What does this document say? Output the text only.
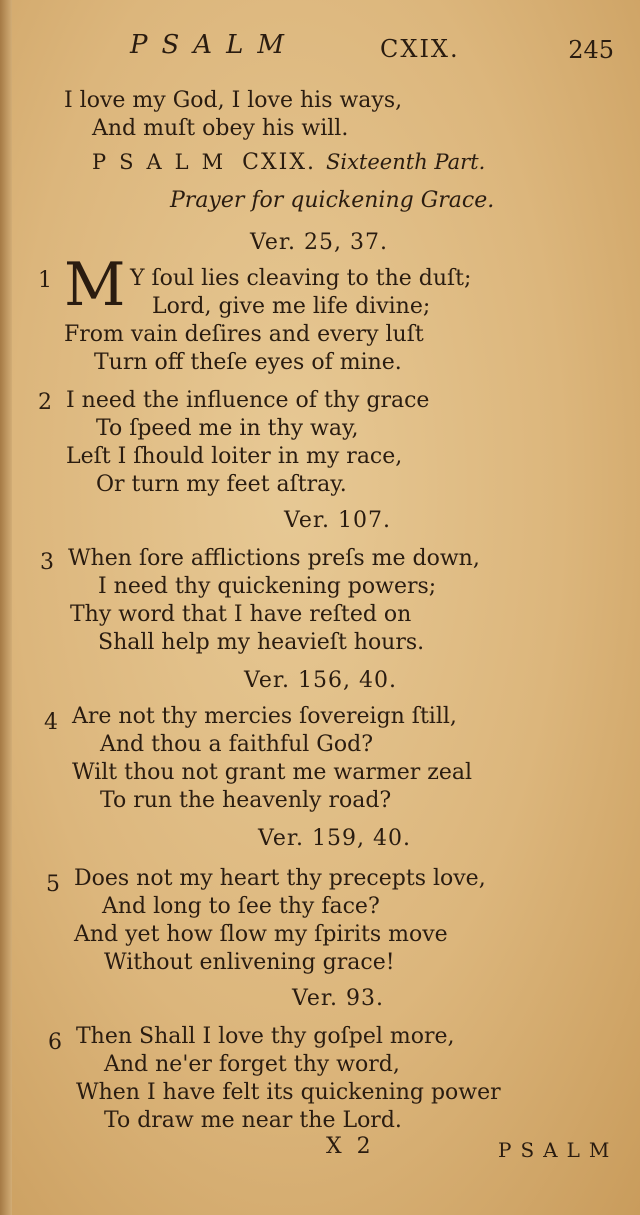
PSALM	CXIX.	245
I love my God, I love his ways,
And muſt obey his will.
PSALM CXIX. Sixteenth Part.
Prayer for quickening Grace.
Ver. 25, 37.
1 M Y ſoul lies cleaving to the duſt;
Lord, give me life divine;
From vain deſires and every luſt
Turn off theſe eyes of mine.
2 I need the influence of thy grace
To ſpeed me in thy way,
Leſt I ſhould loiter in my race,
Or turn my feet aſtray.
Ver. 107.
3 When ſore afflictions preſs me down,
I need thy quickening powers;
Thy word that I have reſted on
Shall help my heavieſt hours.
Ver. 156, 40.
4 Are not thy mercies ſovereign ſtill,
And thou a faithful God?
Wilt thou not grant me warmer zeal
To run the heavenly road?
Ver. 159, 40.
5 Does not my heart thy precepts love,
And long to ſee thy face?
And yet how ſlow my ſpirits move
Without enlivening grace!
Ver. 93.
6 Then Shall I love thy goſpel more,
And ne'er forget thy word,
When I have felt its quickening power
To draw me near the Lord.
X 2	PSALM
